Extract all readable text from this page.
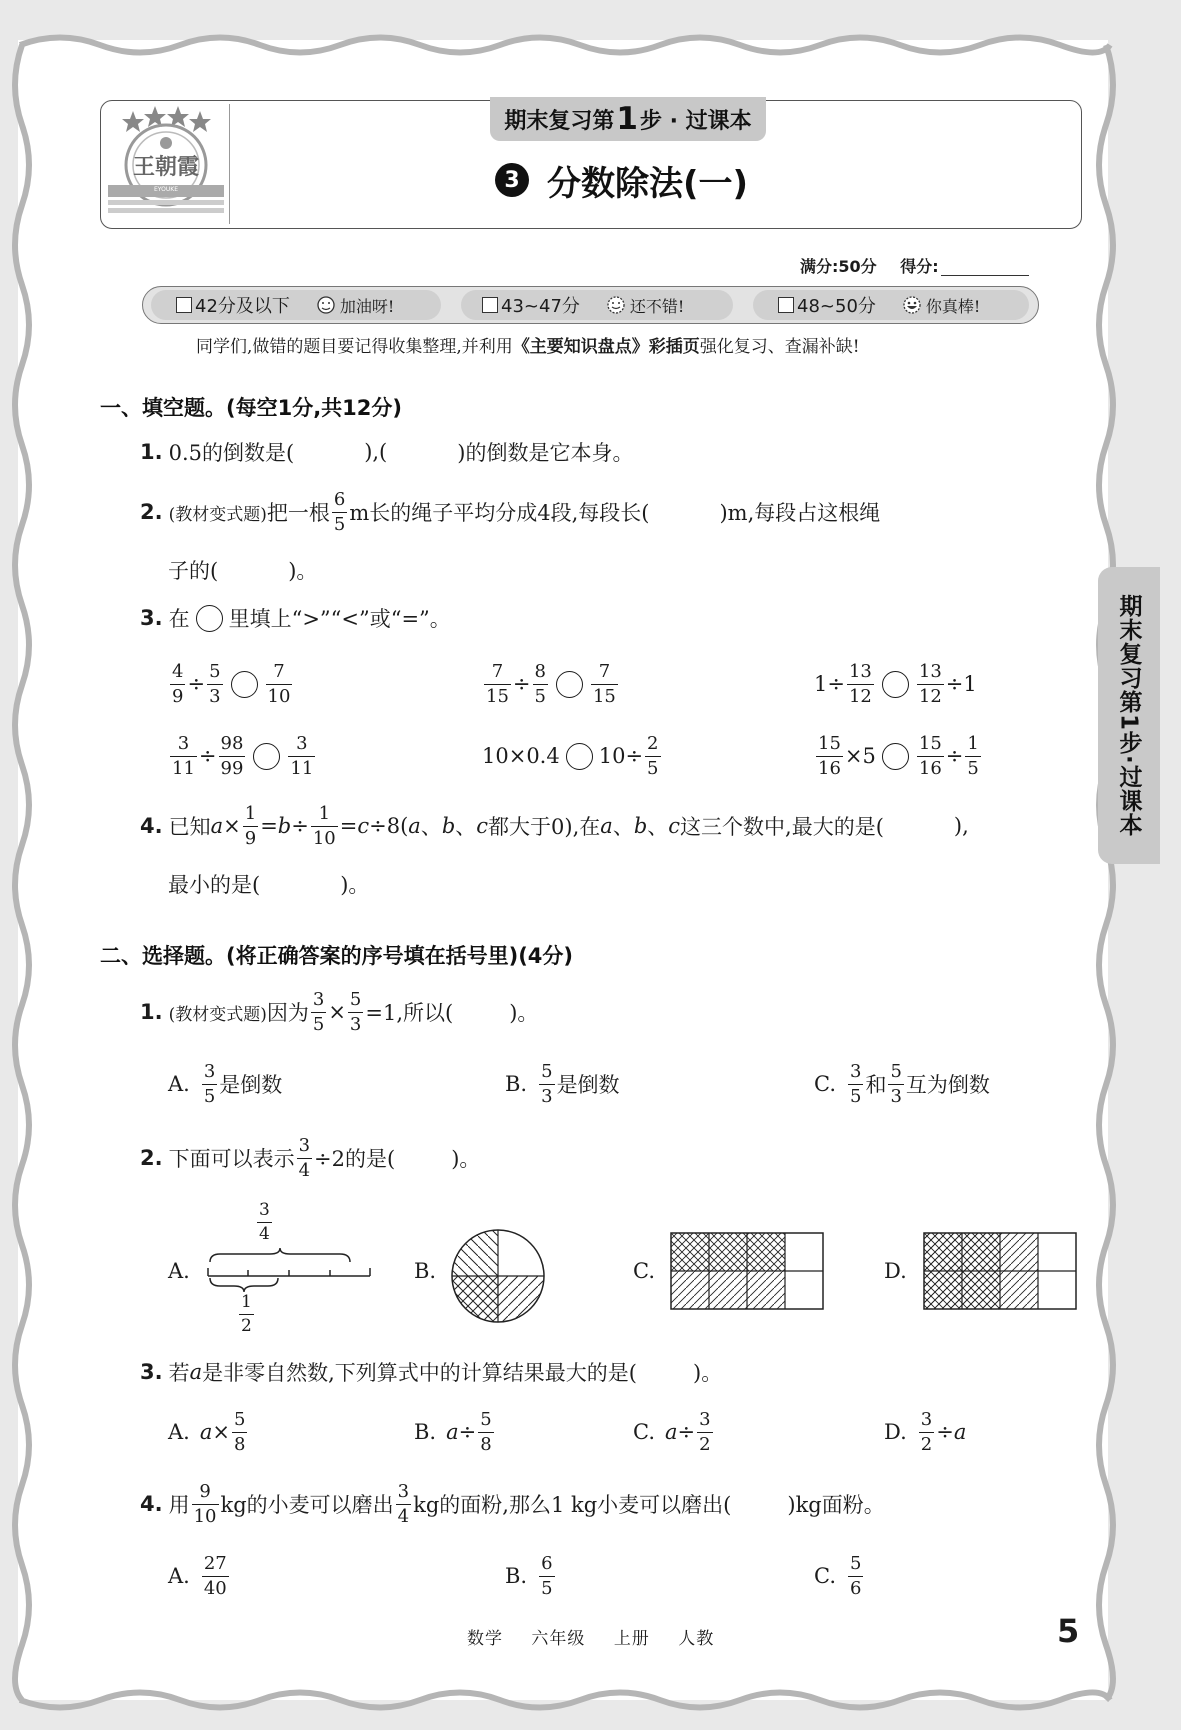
王朝霞
EYOUKE
期末复习第 1 步 · 过课本
3 分数除法(一)
满分:50分 得分:
42分及以下	加油呀!	43~47分	还不错!	48~50分	你真棒!
同学们,做错的题目要记得收集整理,并利用《主要知识盘点》彩插页强化复习、查漏补缺!
一、填空题。(每空1分,共12分)
1. 0.5的倒数是(	),(	)的倒数是它本身。
2. (教材变式题) 把一根 $\frac{6}{5}$ m长的绳子平均分成4段,每段长(	)m,每段占这根绳
子的(	)。
3. 在 里填上“>”“<”或“=”。
$\frac{4}{9} \div \frac{5}{3} \frac{7}{10}$	$\frac{7}{15} \div \frac{8}{5} \frac{7}{15}$	$1\div \frac{13}{12} \frac{13}{12} \div 1$
$\frac{3}{11} \div \frac{98}{99} \frac{3}{11}$	10×0.4 $10\div \frac{2}{5}$	$\frac{15}{16} \times 5 \frac{15}{16} \div \frac{1}{5}$
4. 已知 $a \times \frac{1}{9} = b \div \frac{1}{10} = c \div 8$( a 、 b 、 c 都大于0),在 a 、 b 、 c 这三个数中,最大的是(	),
最小的是(	)。
二、选择题。(将正确答案的序号填在括号里)(4分)
1. (教材变式题) 因为 $\frac{3}{5} \times \frac{5}{3} =1$,所以(	)。
A. $\frac{3}{5}$ 是倒数	B. $\frac{5}{3}$ 是倒数	C. $\frac{3}{5}$ 和 $\frac{5}{3}$ 互为倒数
2. 下面可以表示 $\frac{3}{4} \div 2$的是(	)。
A.	B.	C.	D.
$\frac{3}{4}$
$\frac{1}{2}$
3. 若 a 是非零自然数,下列算式中的计算结果最大的是(	)。
A. $a \times \frac{5}{8}$	B. $a \div \frac{5}{8}$	C. $a \div \frac{3}{2}$	D. $\frac{3}{2} \div a$
4. 用 $\frac{9}{10}$ kg的小麦可以磨出 $\frac{3}{4}$ kg的面粉,那么1 kg小麦可以磨出(	)kg面粉。
A. $\frac{27}{40}$	B. $\frac{6}{5}$	C. $\frac{5}{6}$
期末复习第1步·过课本
数学 六年级 上册 人教	5
